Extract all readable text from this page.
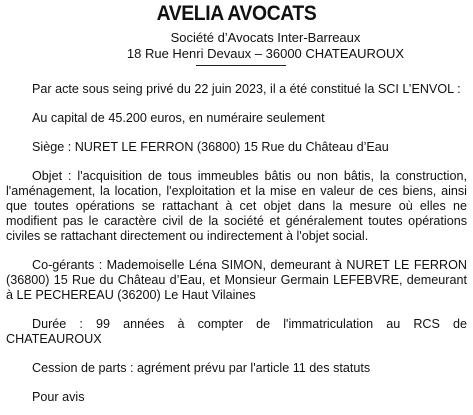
AVELIA AVOCATS

Société d’Avocats Inter-Barreaux

18 Rue Henri Devaux – 36000 CHATEAUROUX

Par acte sous seing privé du 22 juin 2023, il a été constitué la SCI L’ENVOL :

Au capital de 45.200 euros, en numéraire seulement

Siège : NURET LE FERRON (36800) 15 Rue du Château d’Eau

Objet : l'acquisition de tous immeubles bâtis ou non bâtis, la construction, l'aménagement, la location, l'exploitation et la mise en valeur de ces biens, ainsi que toutes opérations se rattachant à cet objet dans la mesure où elles ne modifient pas le caractère civil de la société et généralement toutes opérations civiles se rattachant directement ou indirectement à l'objet social.

Co-gérants : Mademoiselle Léna SIMON, demeurant à NURET LE FERRON (36800) 15 Rue du Château d’Eau, et Monsieur Germain LEFEBVRE, demeurant à LE PECHEREAU (36200) Le Haut Vilaines

Durée : 99 années à compter de l'immatriculation au RCS de CHATEAUROUX

Cession de parts : agrément prévu par l'article 11 des statuts

Pour avis
